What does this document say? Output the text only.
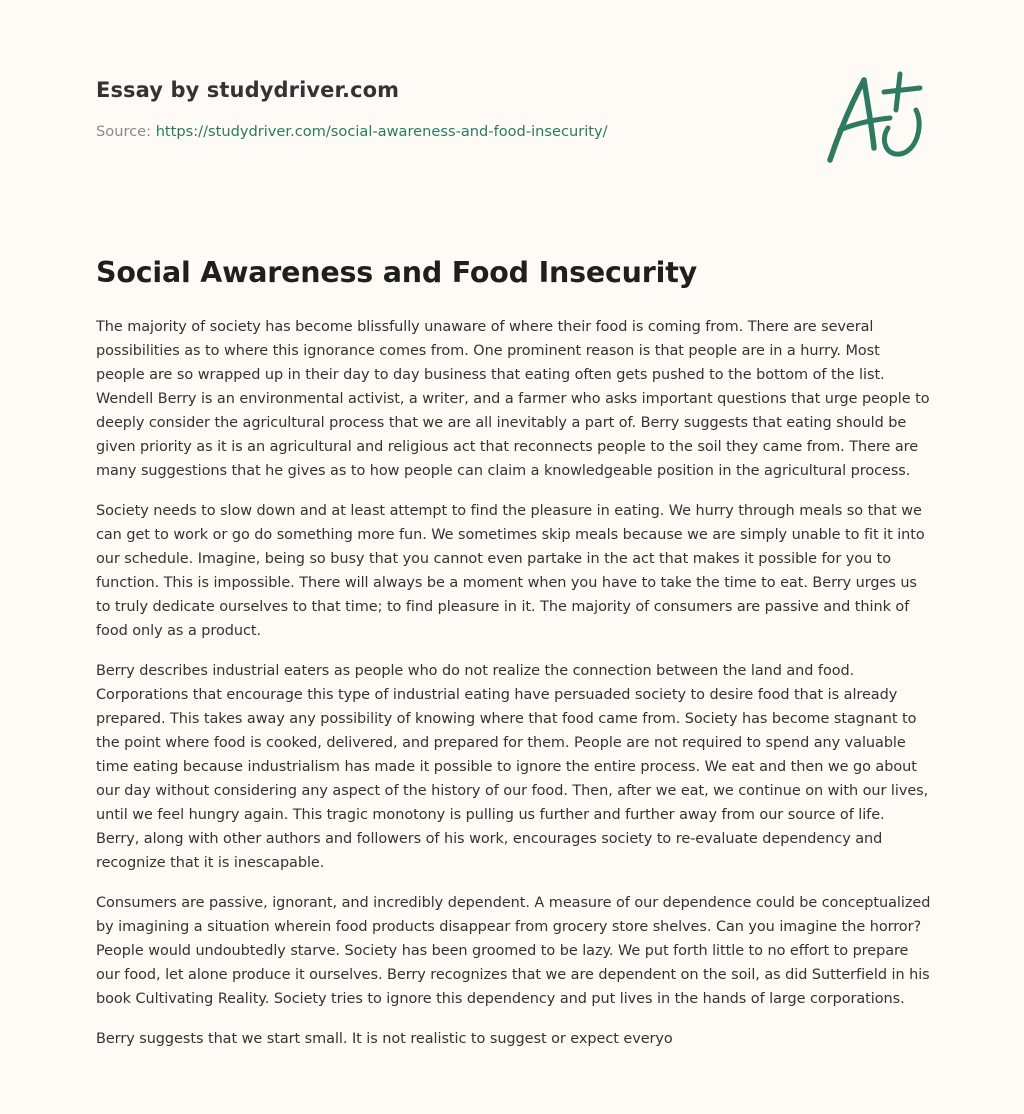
Essay by studydriver.com
Source: https://studydriver.com/social-awareness-and-food-insecurity/
Social Awareness and Food Insecurity

The majority of society has become blissfully unaware of where their food is coming from. There are several possibilities as to where this ignorance comes from. One prominent reason is that people are in a hurry. Most people are so wrapped up in their day to day business that eating often gets pushed to the bottom of the list. Wendell Berry is an environmental activist, a writer, and a farmer who asks important questions that urge people to deeply consider the agricultural process that we are all inevitably a part of. Berry suggests that eating should be given priority as it is an agricultural and religious act that reconnects people to the soil they came from. There are many suggestions that he gives as to how people can claim a knowledgeable position in the agricultural process.

Society needs to slow down and at least attempt to find the pleasure in eating. We hurry through meals so that we can get to work or go do something more fun. We sometimes skip meals because we are simply unable to fit it into our schedule. Imagine, being so busy that you cannot even partake in the act that makes it possible for you to function. This is impossible. There will always be a moment when you have to take the time to eat. Berry urges us to truly dedicate ourselves to that time; to find pleasure in it. The majority of consumers are passive and think of food only as a product.

Berry describes industrial eaters as people who do not realize the connection between the land and food. Corporations that encourage this type of industrial eating have persuaded society to desire food that is already prepared. This takes away any possibility of knowing where that food came from. Society has become stagnant to the point where food is cooked, delivered, and prepared for them. People are not required to spend any valuable time eating because industrialism has made it possible to ignore the entire process. We eat and then we go about our day without considering any aspect of the history of our food. Then, after we eat, we continue on with our lives, until we feel hungry again. This tragic monotony is pulling us further and further away from our source of life. Berry, along with other authors and followers of his work, encourages society to re-evaluate dependency and recognize that it is inescapable.

Consumers are passive, ignorant, and incredibly dependent. A measure of our dependence could be conceptualized by imagining a situation wherein food products disappear from grocery store shelves. Can you imagine the horror? People would undoubtedly starve. Society has been groomed to be lazy. We put forth little to no effort to prepare our food, let alone produce it ourselves. Berry recognizes that we are dependent on the soil, as did Sutterfield in his book Cultivating Reality. Society tries to ignore this dependency and put lives in the hands of large corporations.

Berry suggests that we start small. It is not realistic to suggest or expect everyo
